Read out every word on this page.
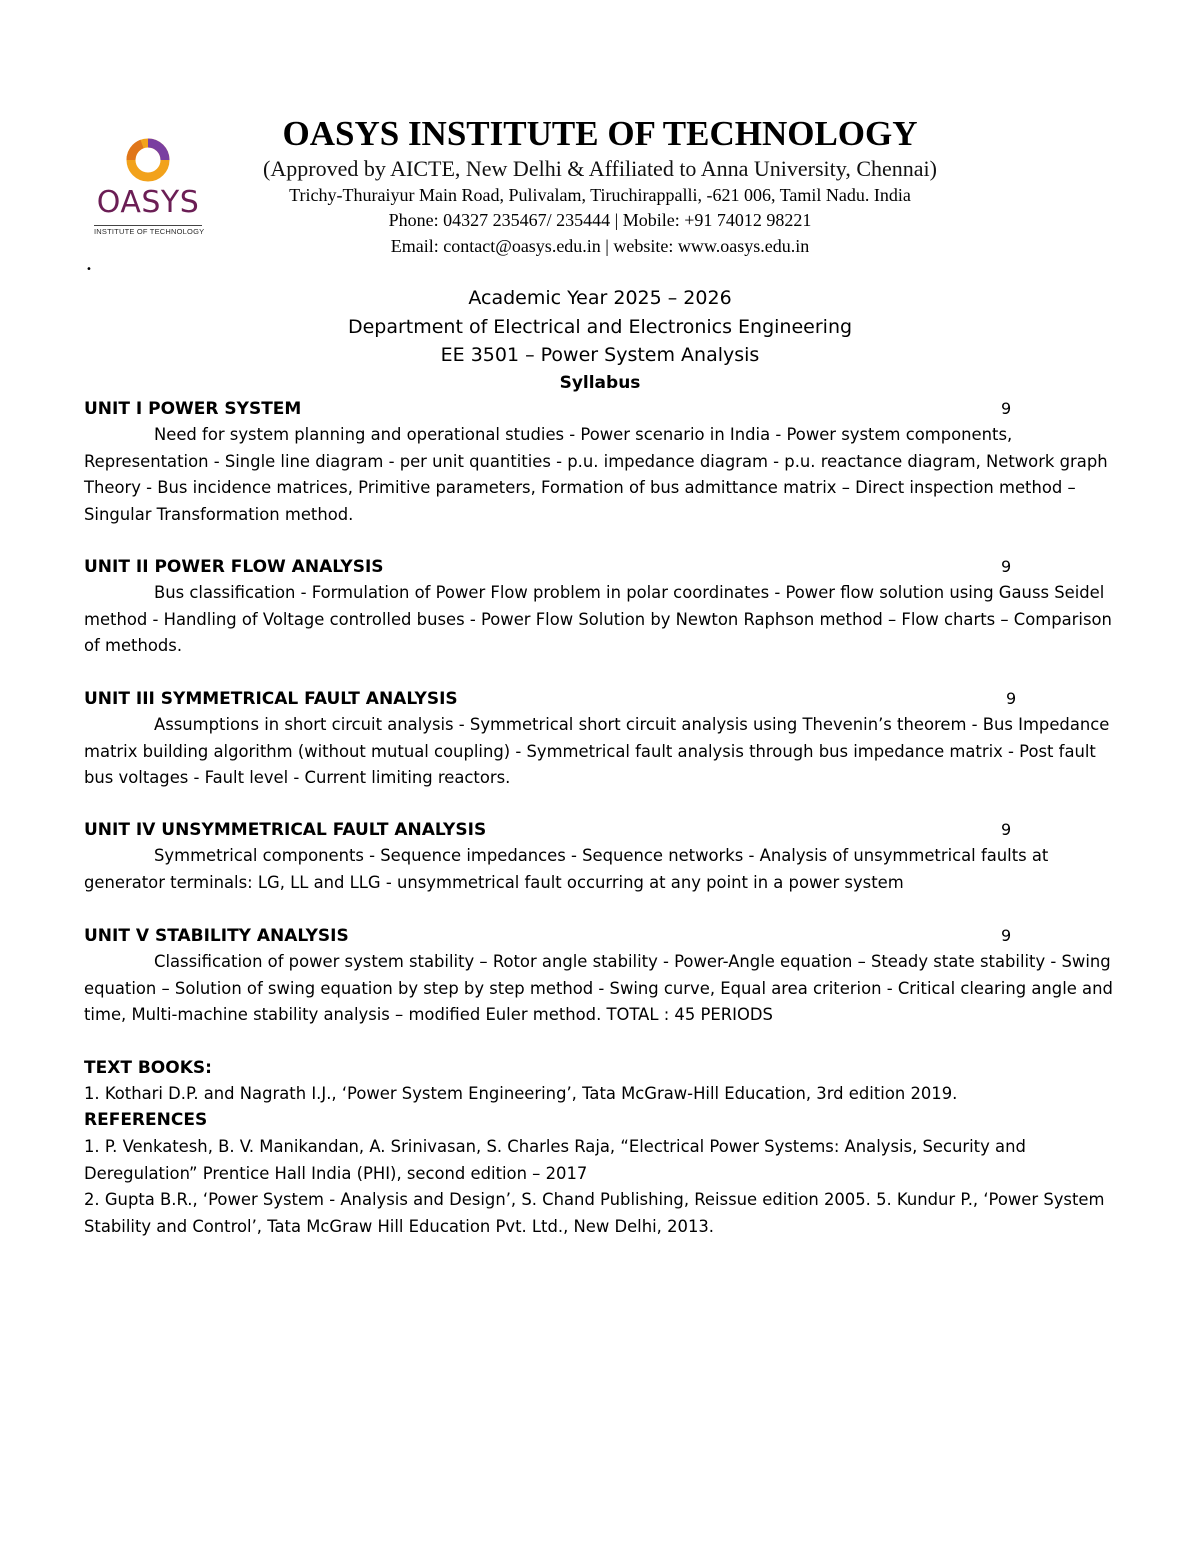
OASYS
INSTITUTE OF TECHNOLOGY
OASYS INSTITUTE OF TECHNOLOGY
(Approved by AICTE, New Delhi & Affiliated to Anna University, Chennai)
Trichy-Thuraiyur Main Road, Pulivalam, Tiruchirappalli, -621 006, Tamil Nadu. India
Phone: 04327 235467/ 235444 | Mobile: +91 74012 98221
Email: contact@oasys.edu.in | website: www.oasys.edu.in
•
Academic Year 2025 – 2026
Department of Electrical and Electronics Engineering
EE 3501 – Power System Analysis
Syllabus
UNIT I POWER SYSTEM	9

Need for system planning and operational studies - Power scenario in India - Power system components, Representation - Single line diagram - per unit quantities - p.u. impedance diagram - p.u. reactance diagram, Network graph Theory - Bus incidence matrices, Primitive parameters, Formation of bus admittance matrix – Direct inspection method – Singular Transformation method.

UNIT II POWER FLOW ANALYSIS	9

Bus classification - Formulation of Power Flow problem in polar coordinates - Power flow solution using Gauss Seidel method - Handling of Voltage controlled buses - Power Flow Solution by Newton Raphson method – Flow charts – Comparison of methods.

UNIT III SYMMETRICAL FAULT ANALYSIS	9

Assumptions in short circuit analysis - Symmetrical short circuit analysis using Thevenin’s theorem - Bus Impedance matrix building algorithm (without mutual coupling) - Symmetrical fault analysis through bus impedance matrix - Post fault bus voltages - Fault level - Current limiting reactors.

UNIT IV UNSYMMETRICAL FAULT ANALYSIS	9

Symmetrical components - Sequence impedances - Sequence networks - Analysis of unsymmetrical faults at generator terminals: LG, LL and LLG - unsymmetrical fault occurring at any point in a power system

UNIT V STABILITY ANALYSIS	9

Classification of power system stability – Rotor angle stability - Power-Angle equation – Steady state stability - Swing equation – Solution of swing equation by step by step method - Swing curve, Equal area criterion - Critical clearing angle and time, Multi-machine stability analysis – modified Euler method. TOTAL : 45 PERIODS

TEXT BOOKS:

1. Kothari D.P. and Nagrath I.J., ‘Power System Engineering’, Tata McGraw-Hill Education, 3rd edition 2019.

REFERENCES

1. P. Venkatesh, B. V. Manikandan, A. Srinivasan, S. Charles Raja, “Electrical Power Systems: Analysis, Security and Deregulation” Prentice Hall India (PHI), second edition – 2017

2. Gupta B.R., ‘Power System - Analysis and Design’, S. Chand Publishing, Reissue edition 2005. 5. Kundur P., ‘Power System Stability and Control’, Tata McGraw Hill Education Pvt. Ltd., New Delhi, 2013.
